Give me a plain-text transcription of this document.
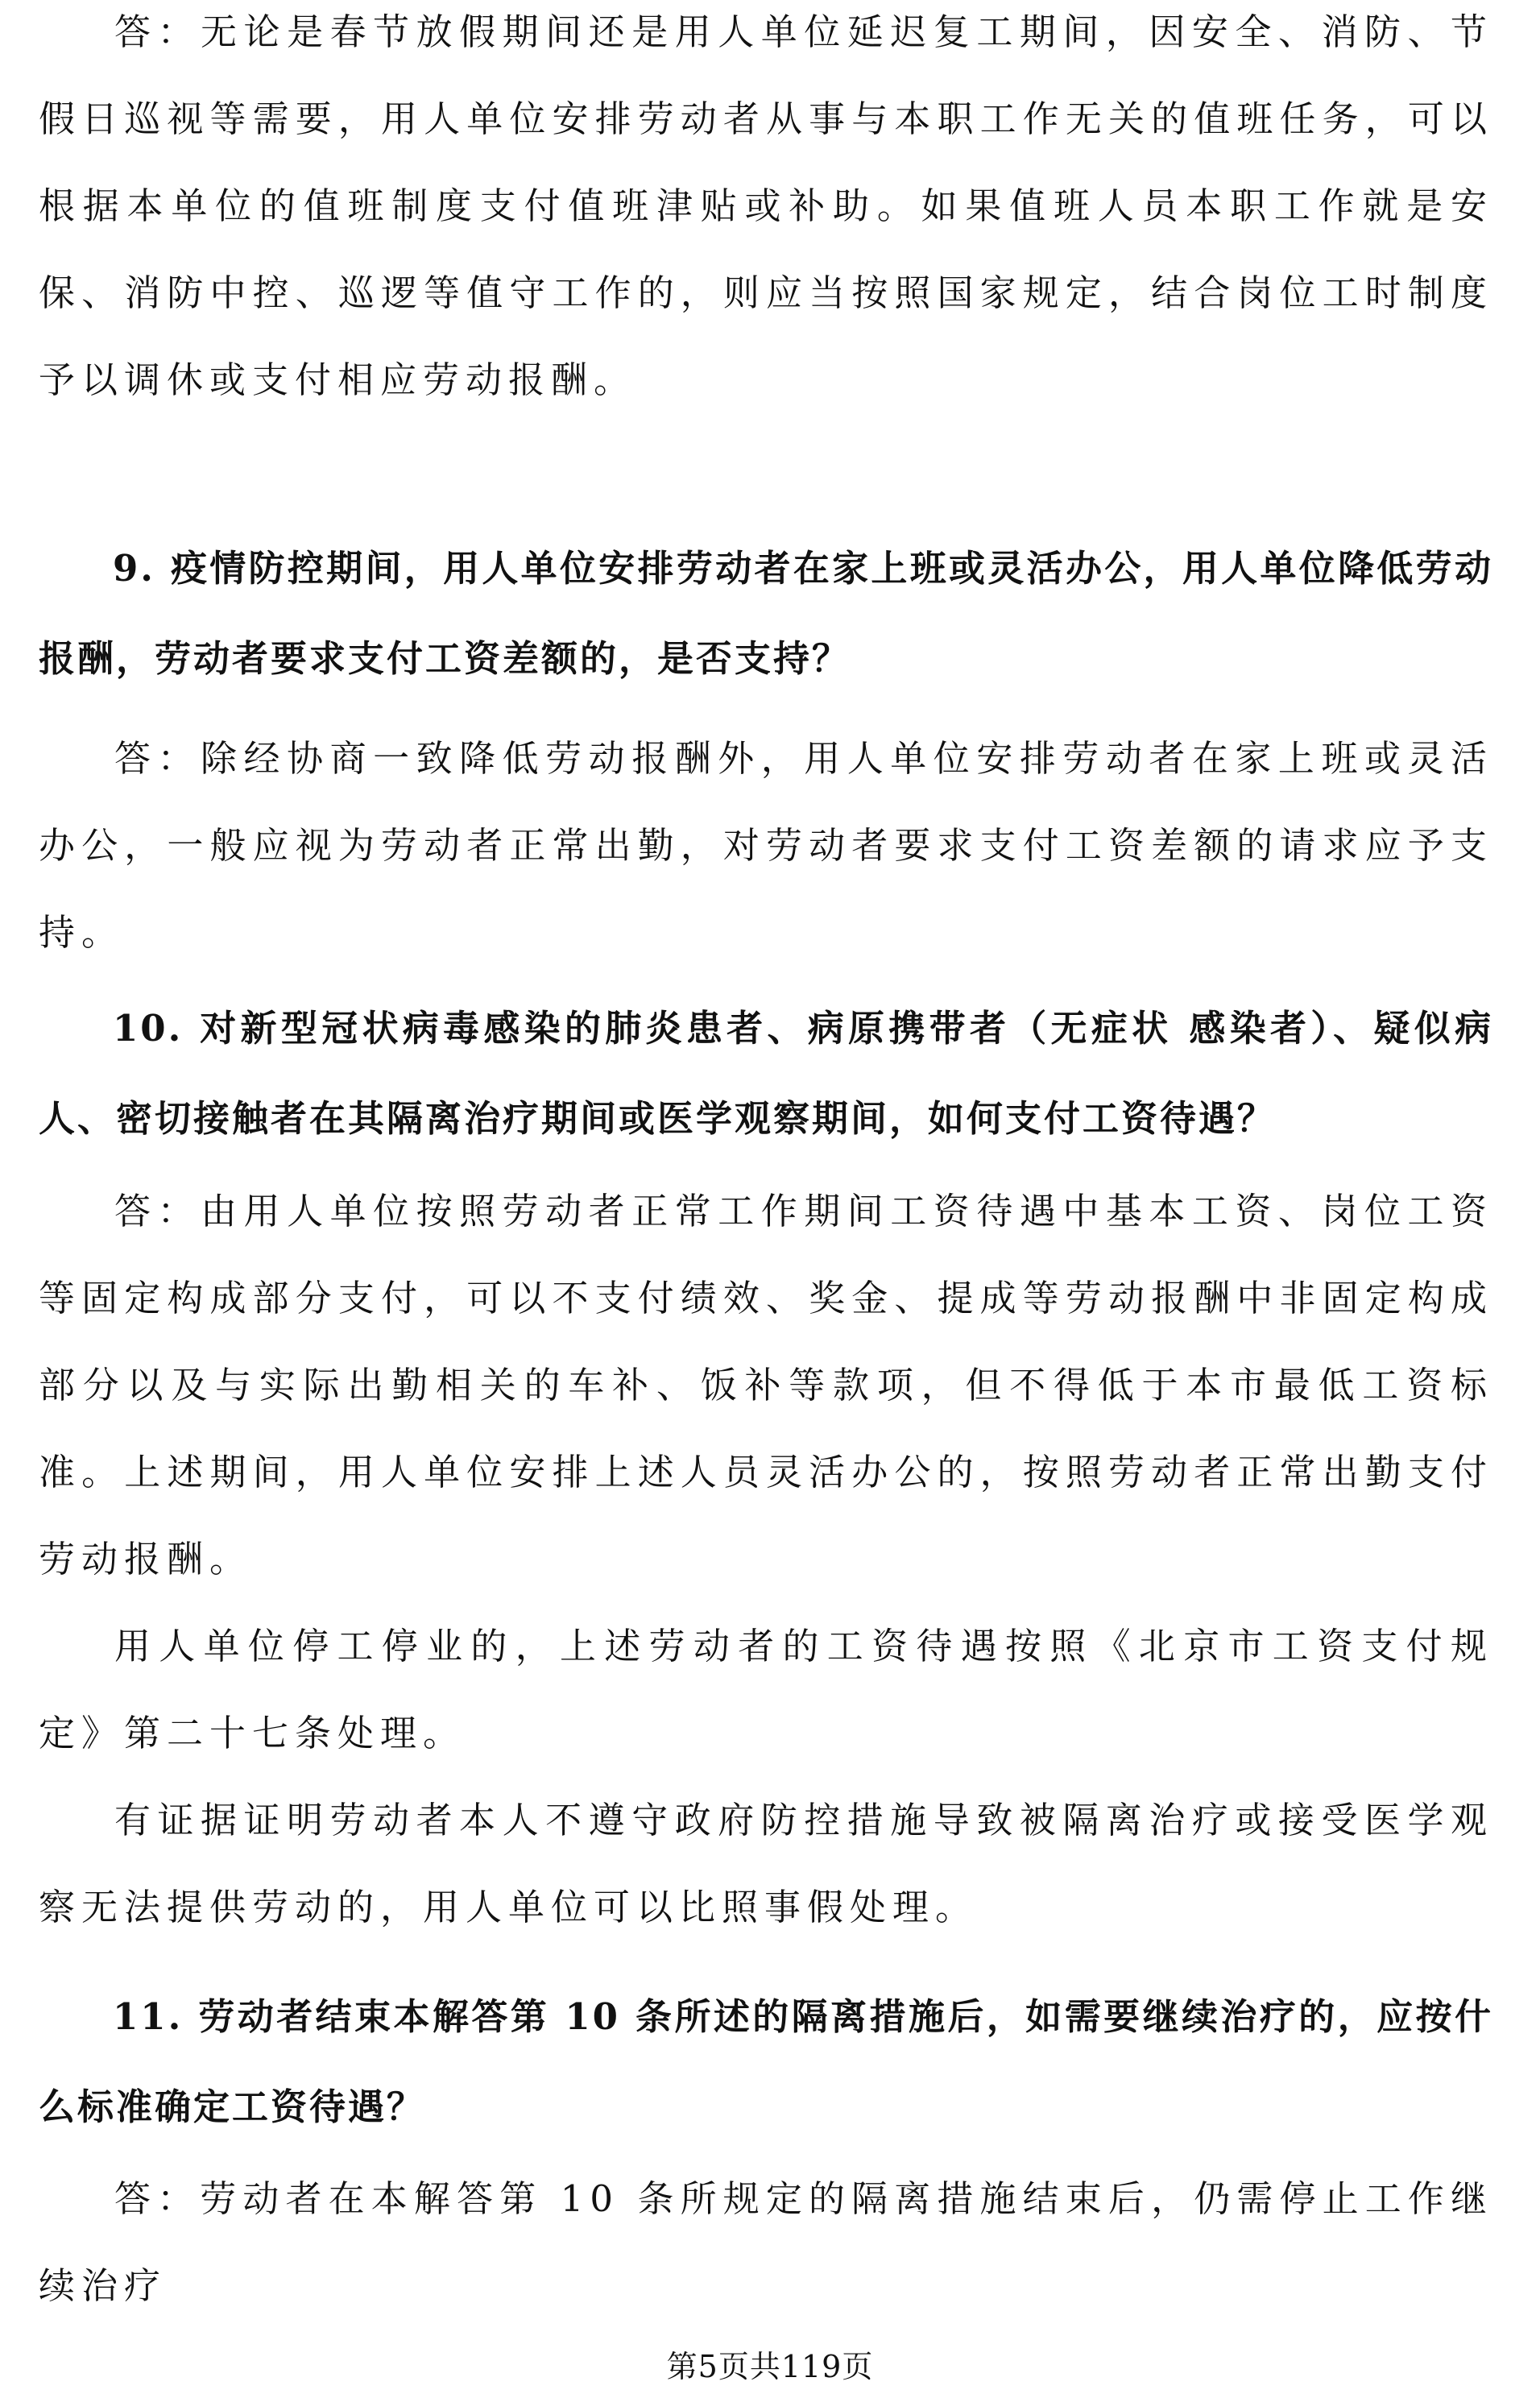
答：无论是春节放假期间还是用人单位延迟复工期间，因安全、消防、节假日巡视等需要，用人单位安排劳动者从事与本职工作无关的值班任务，可以根据本单位的值班制度支付值班津贴或补助。如果值班人员本职工作就是安保、消防中控、巡逻等值守工作的，则应当按照国家规定，结合岗位工时制度予以调休或支付相应劳动报酬。

9. 疫情防控期间，用人单位安排劳动者在家上班或灵活办公，用人单位降低劳动报酬，劳动者要求支付工资差额的，是否支持？

答：除经协商一致降低劳动报酬外，用人单位安排劳动者在家上班或灵活办公，一般应视为劳动者正常出勤，对劳动者要求支付工资差额的请求应予支持。

10. 对新型冠状病毒感染的肺炎患者、病原携带者（无症状 感染者）、疑似病人、密切接触者在其隔离治疗期间或医学观察期间，如何支付工资待遇？

答：由用人单位按照劳动者正常工作期间工资待遇中基本工资、岗位工资等固定构成部分支付，可以不支付绩效、奖金、提成等劳动报酬中非固定构成部分以及与实际出勤相关的车补、饭补等款项，但不得低于本市最低工资标准。上述期间，用人单位安排上述人员灵活办公的，按照劳动者正常出勤支付劳动报酬。

用人单位停工停业的，上述劳动者的工资待遇按照《北京市工资支付规定》第二十七条处理。

有证据证明劳动者本人不遵守政府防控措施导致被隔离治疗或接受医学观察无法提供劳动的，用人单位可以比照事假处理。

11. 劳动者结束本解答第 10 条所述的隔离措施后，如需要继续治疗的，应按什么标准确定工资待遇？

答：劳动者在本解答第 10 条所规定的隔离措施结束后，仍需停止工作继续治疗

第5页共119页
